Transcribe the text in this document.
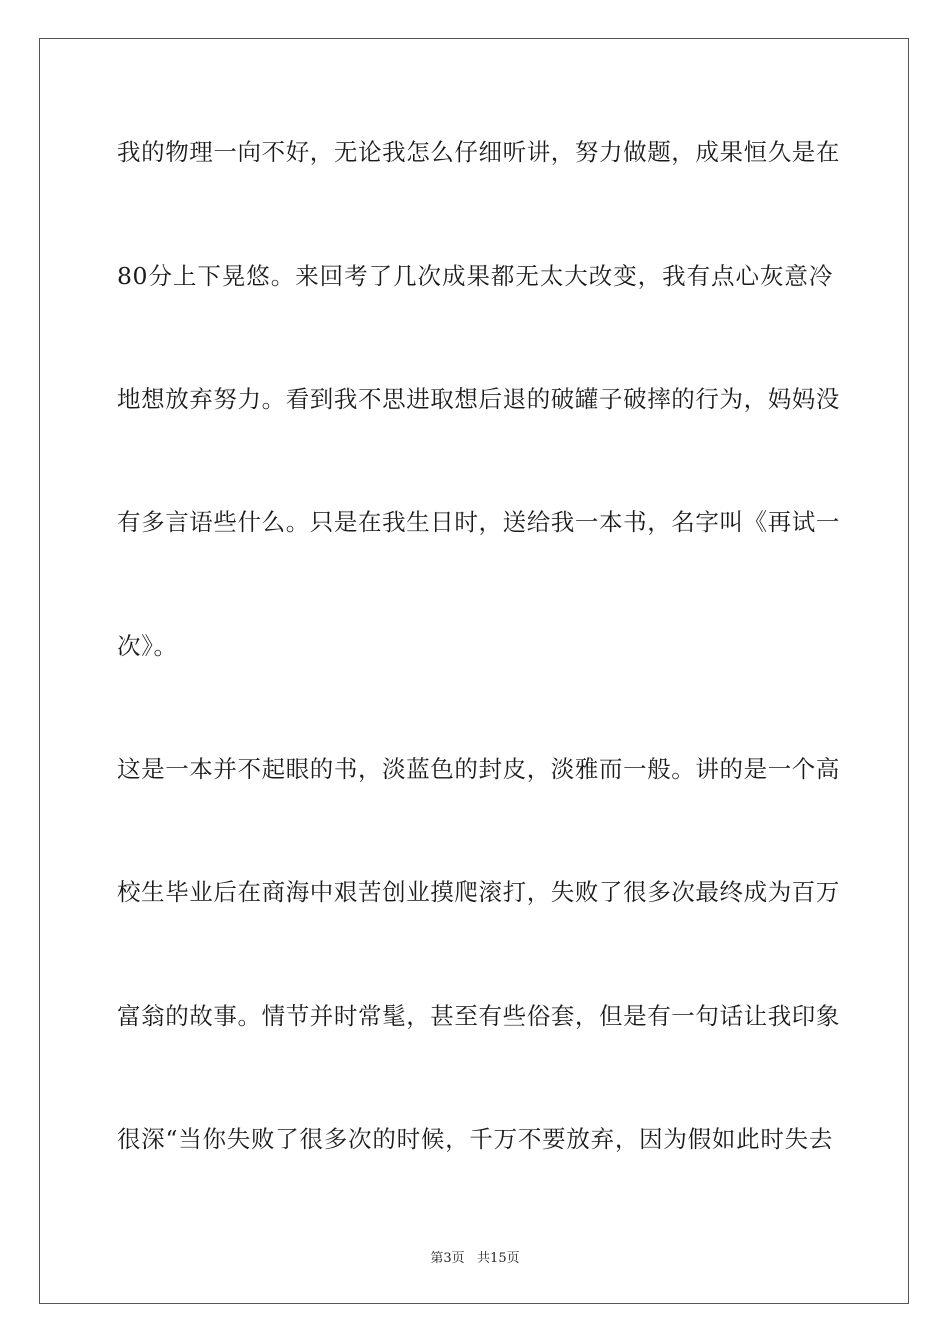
我的物理一向不好，无论我怎么仔细听讲，努力做题，成果恒久是在
80分上下晃悠。来回考了几次成果都无太大改变，我有点心灰意冷
地想放弃努力。看到我不思进取想后退的破罐子破摔的行为，妈妈没
有多言语些什么。只是在我生日时，送给我一本书，名字叫《再试一
次》。
这是一本并不起眼的书，淡蓝色的封皮，淡雅而一般。讲的是一个高
校生毕业后在商海中艰苦创业摸爬滚打，失败了很多次最终成为百万
富翁的故事。情节并时常髦，甚至有些俗套，但是有一句话让我印象
很深“当你失败了很多次的时候，千万不要放弃，因为假如此时失去
第3页   共15页
